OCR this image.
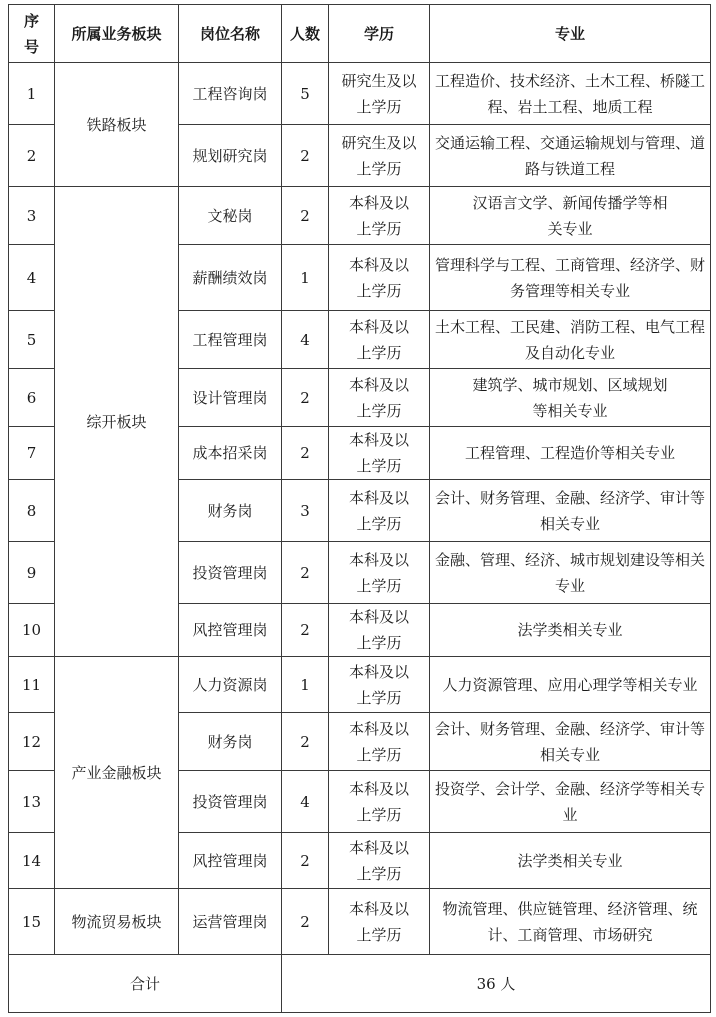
序号	所属业务板块	岗位名称	人数	学历	专业
1	铁路板块	工程咨询岗	5	研究生及以上学历	工程造价、技术经济、土木工程、桥隧工程、岩土工程、地质工程
2		规划研究岗	2	研究生及以上学历	交通运输工程、交通运输规划与管理、道路与铁道工程
3	综开板块	文秘岗	2	本科及以上学历	汉语言文学、新闻传播学等相关专业
4		薪酬绩效岗	1	本科及以上学历	管理科学与工程、工商管理、经济学、财务管理等相关专业
5		工程管理岗	4	本科及以上学历	土木工程、工民建、消防工程、电气工程及自动化专业
6		设计管理岗	2	本科及以上学历	建筑学、城市规划、区域规划等相关专业
7		成本招采岗	2	本科及以上学历	工程管理、工程造价等相关专业
8		财务岗	3	本科及以上学历	会计、财务管理、金融、经济学、审计等相关专业
9		投资管理岗	2	本科及以上学历	金融、管理、经济、城市规划建设等相关专业
10		风控管理岗	2	本科及以上学历	法学类相关专业
11	产业金融板块	人力资源岗	1	本科及以上学历	人力资源管理、应用心理学等相关专业
12		财务岗	2	本科及以上学历	会计、财务管理、金融、经济学、审计等相关专业
13		投资管理岗	4	本科及以上学历	投资学、会计学、金融、经济学等相关专业
14		风控管理岗	2	本科及以上学历	法学类相关专业
15	物流贸易板块	运营管理岗	2	本科及以上学历	物流管理、供应链管理、经济管理、统计、工商管理、市场研究
合计			36 人		
